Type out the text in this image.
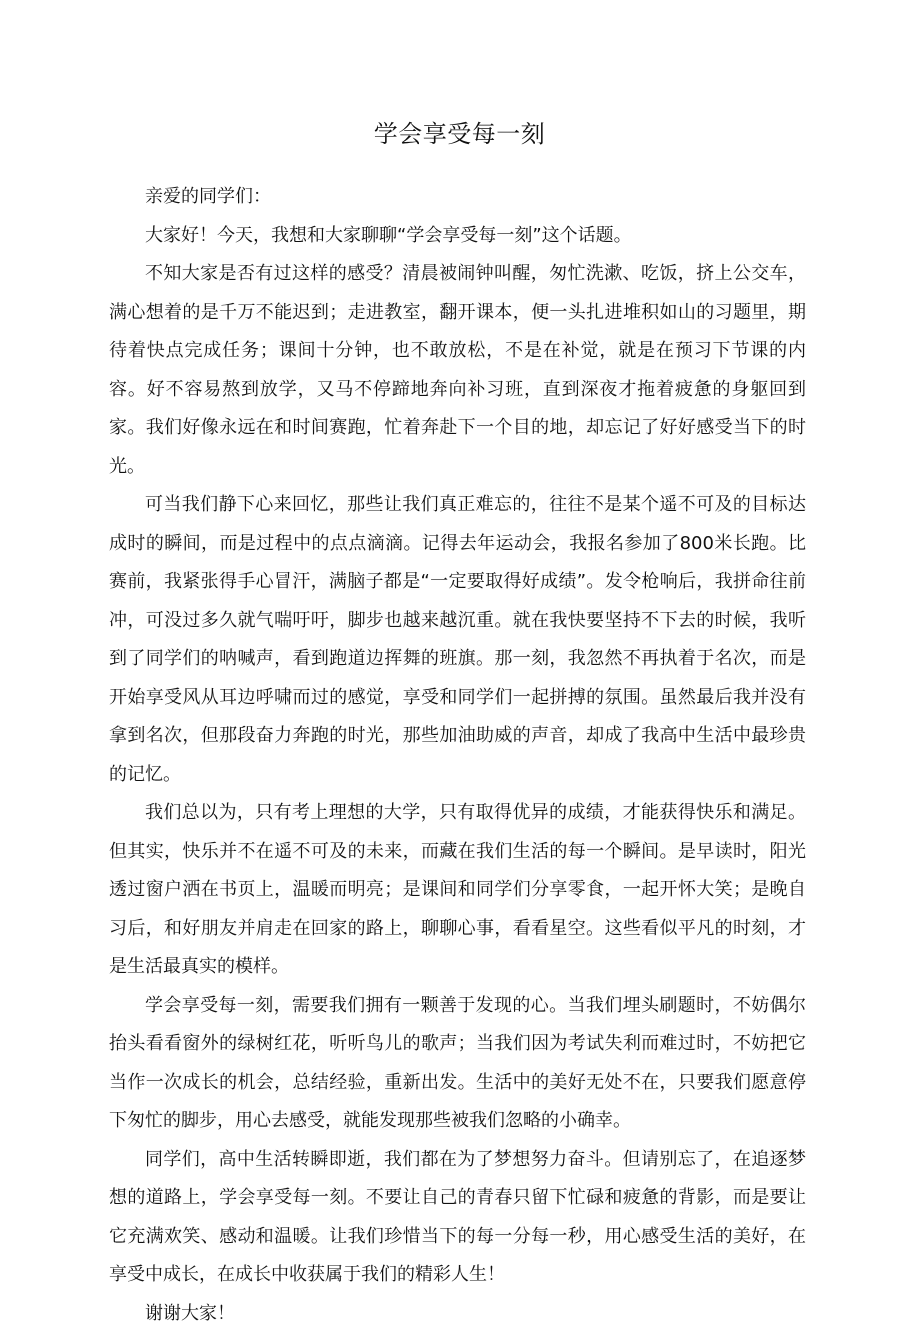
学会享受每一刻

亲爱的同学们：

大家好！今天，我想和大家聊聊“学会享受每一刻”这个话题。

不知大家是否有过这样的感受？清晨被闹钟叫醒，匆忙洗漱、吃饭，挤上公交车，满心想着的是千万不能迟到；走进教室，翻开课本，便一头扎进堆积如山的习题里，期待着快点完成任务；课间十分钟，也不敢放松，不是在补觉，就是在预习下节课的内容。好不容易熬到放学，又马不停蹄地奔向补习班，直到深夜才拖着疲惫的身躯回到家。我们好像永远在和时间赛跑，忙着奔赴下一个目的地，却忘记了好好感受当下的时光。

可当我们静下心来回忆，那些让我们真正难忘的，往往不是某个遥不可及的目标达成时的瞬间，而是过程中的点点滴滴。记得去年运动会，我报名参加了800米长跑。比赛前，我紧张得手心冒汗，满脑子都是“一定要取得好成绩”。发令枪响后，我拼命往前冲，可没过多久就气喘吁吁，脚步也越来越沉重。就在我快要坚持不下去的时候，我听到了同学们的呐喊声，看到跑道边挥舞的班旗。那一刻，我忽然不再执着于名次，而是开始享受风从耳边呼啸而过的感觉，享受和同学们一起拼搏的氛围。虽然最后我并没有拿到名次，但那段奋力奔跑的时光，那些加油助威的声音，却成了我高中生活中最珍贵的记忆。

我们总以为，只有考上理想的大学，只有取得优异的成绩，才能获得快乐和满足。但其实，快乐并不在遥不可及的未来，而藏在我们生活的每一个瞬间。是早读时，阳光透过窗户洒在书页上，温暖而明亮；是课间和同学们分享零食，一起开怀大笑；是晚自习后，和好朋友并肩走在回家的路上，聊聊心事，看看星空。这些看似平凡的时刻，才是生活最真实的模样。

学会享受每一刻，需要我们拥有一颗善于发现的心。当我们埋头刷题时，不妨偶尔抬头看看窗外的绿树红花，听听鸟儿的歌声；当我们因为考试失利而难过时，不妨把它当作一次成长的机会，总结经验，重新出发。生活中的美好无处不在，只要我们愿意停下匆忙的脚步，用心去感受，就能发现那些被我们忽略的小确幸。

同学们，高中生活转瞬即逝，我们都在为了梦想努力奋斗。但请别忘了，在追逐梦想的道路上，学会享受每一刻。不要让自己的青春只留下忙碌和疲惫的背影，而是要让它充满欢笑、感动和温暖。让我们珍惜当下的每一分每一秒，用心感受生活的美好，在享受中成长，在成长中收获属于我们的精彩人生！

谢谢大家！
